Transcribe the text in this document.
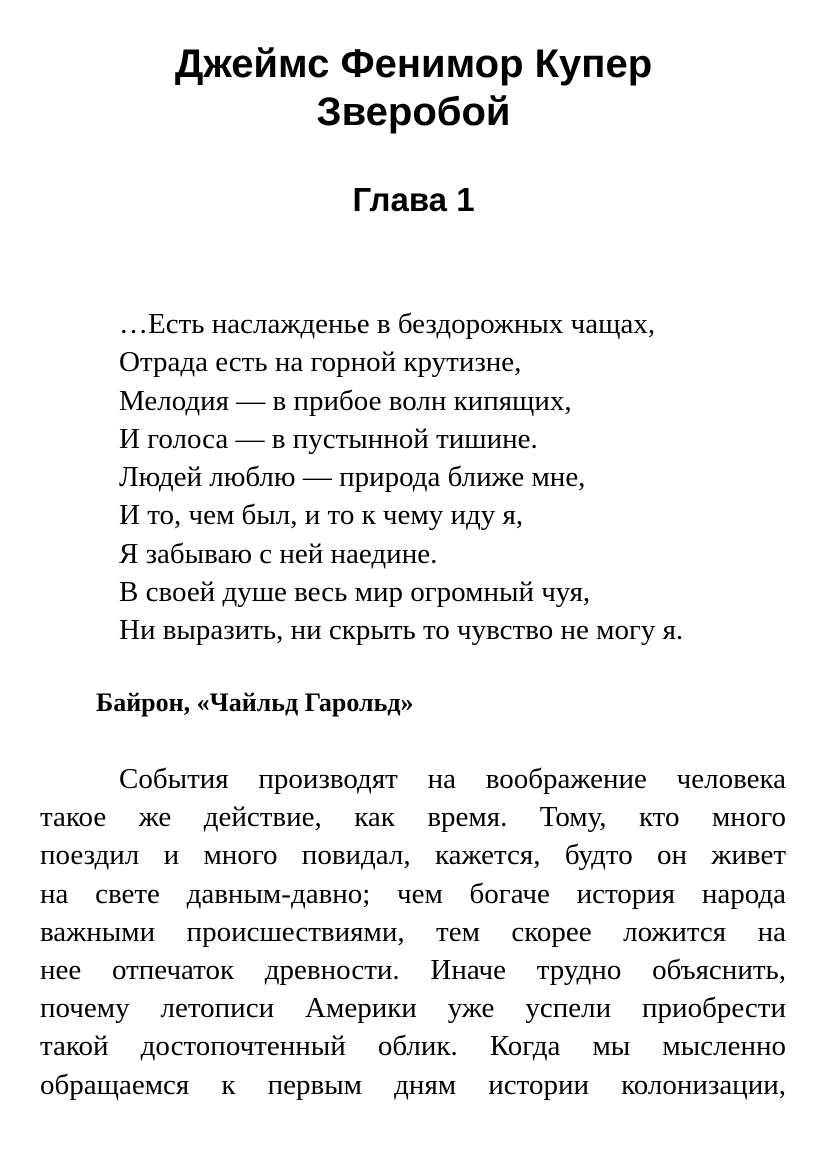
Джеймс Фенимор Купер
Зверобой
Глава 1
…Есть наслажденье в бездорожных чащах,
Отрада есть на горной крутизне,
Мелодия — в прибое волн кипящих,
И голоса — в пустынной тишине.
Людей люблю — природа ближе мне,
И то, чем был, и то к чему иду я,
Я забываю с ней наедине.
В своей душе весь мир огромный чуя,
Ни выразить, ни скрыть то чувство не могу я.
Байрон, «Чайльд Гарольд»
События производят на воображение человека
такое же действие, как время. Тому, кто много
поездил и много повидал, кажется, будто он живет
на свете давным-давно; чем богаче история народа
важными происшествиями, тем скорее ложится на
нее отпечаток древности. Иначе трудно объяснить,
почему летописи Америки уже успели приобрести
такой достопочтенный облик. Когда мы мысленно
обращаемся к первым дням истории колонизации,
